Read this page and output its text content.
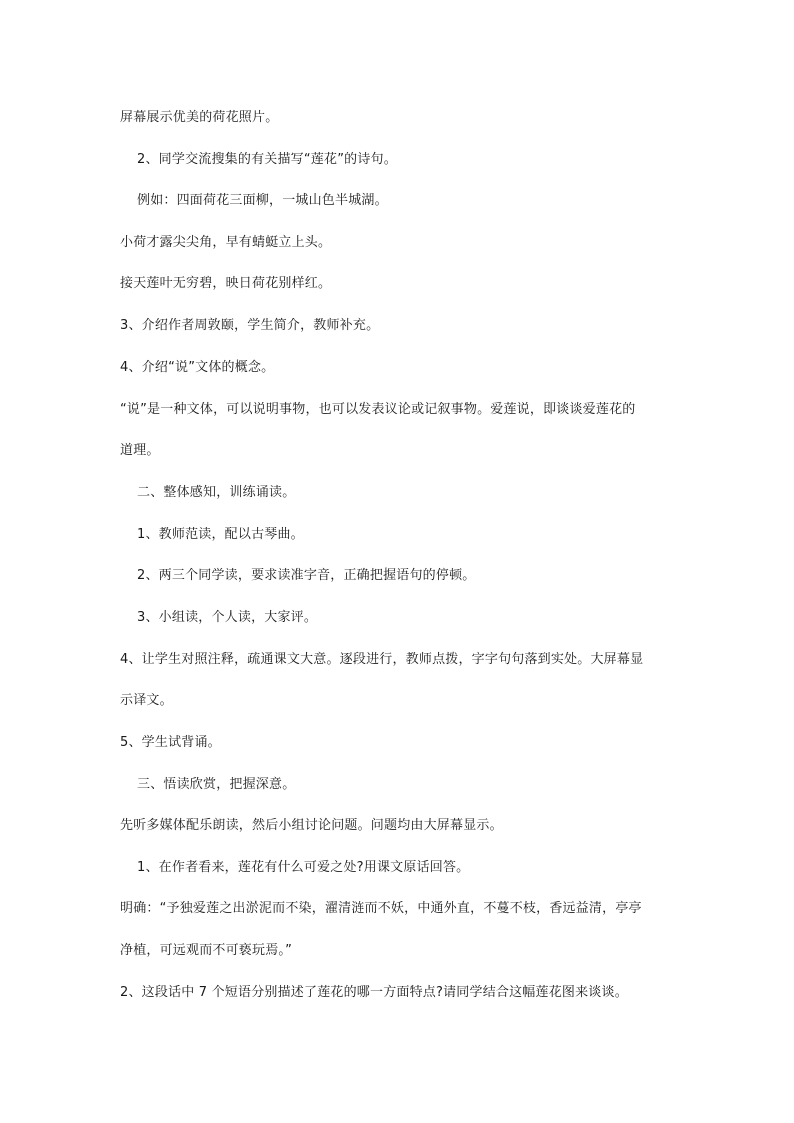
屏幕展示优美的荷花照片。
2、同学交流搜集的有关描写“莲花”的诗句。
例如：四面荷花三面柳，一城山色半城湖。
小荷才露尖尖角，早有蜻蜓立上头。
接天莲叶无穷碧，映日荷花别样红。
3、介绍作者周敦颐，学生简介，教师补充。
4、介绍“说”文体的概念。
“说”是一种文体，可以说明事物，也可以发表议论或记叙事物。爱莲说，即谈谈爱莲花的
道理。
二、整体感知，训练诵读。
1、教师范读，配以古琴曲。
2、两三个同学读，要求读准字音，正确把握语句的停顿。
3、小组读，个人读，大家评。
4、让学生对照注释，疏通课文大意。逐段进行，教师点拨，字字句句落到实处。大屏幕显
示译文。
5、学生试背诵。
三、悟读欣赏，把握深意。
先听多媒体配乐朗读，然后小组讨论问题。问题均由大屏幕显示。
1、在作者看来，莲花有什么可爱之处?用课文原话回答。
明确：“予独爱莲之出淤泥而不染，濯清涟而不妖，中通外直，不蔓不枝，香远益清，亭亭
净植，可远观而不可亵玩焉。”
2、这段话中 7 个短语分别描述了莲花的哪一方面特点?请同学结合这幅莲花图来谈谈。
